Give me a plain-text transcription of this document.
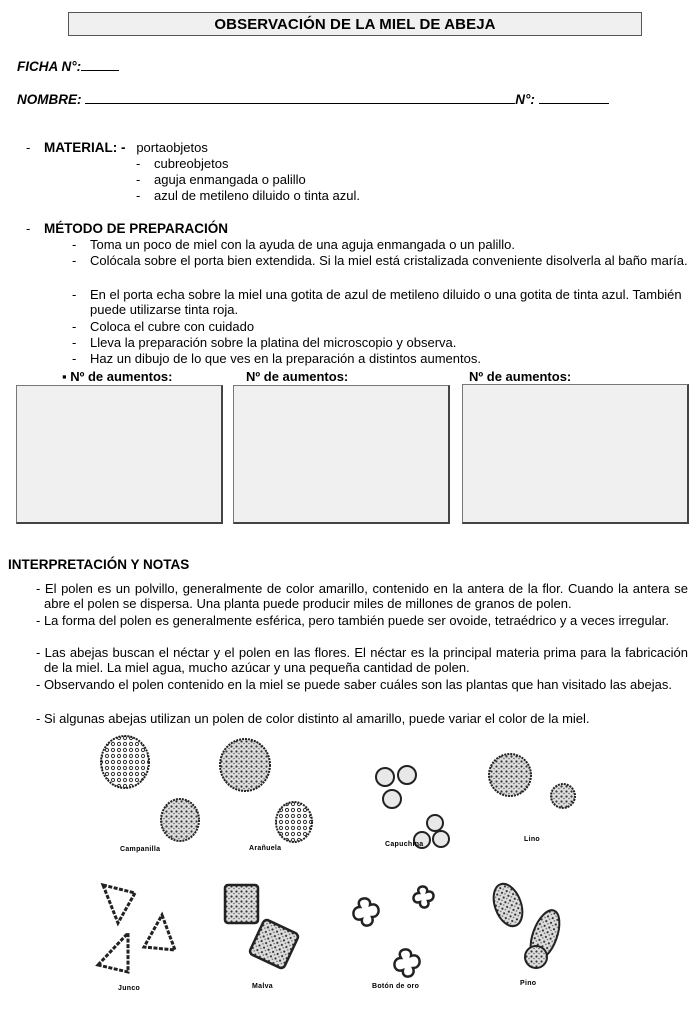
OBSERVACIÓN DE LA MIEL DE ABEJA
FICHA N°:
NOMBRE:	N°:
- MATERIAL: - portaobjetos
-	cubreobjetos
-	aguja enmangada o palillo
-	azul de metileno diluido o tinta azul.
- MÉTODO DE PREPARACIÓN
-	Toma un poco de miel con la ayuda de una aguja enmangada o un palillo.
-	Colócala sobre el porta bien extendida. Si la miel está cristalizada conveniente disolverla al baño maría.
-	En el porta echa sobre la miel una gotita de azul de metileno diluido o una gotita de tinta azul. También puede utilizarse tinta roja.
-	Coloca el cubre con cuidado
-	Lleva la preparación sobre la platina del microscopio y observa.
-	Haz un dibujo de lo que ves en la preparación a distintos aumentos.
▪ Nº de aumentos:	Nº de aumentos:	Nº de aumentos:
INTERPRETACIÓN Y NOTAS
- El polen es un polvillo, generalmente de color amarillo, contenido en la antera de la flor. Cuando la antera se abre el polen se dispersa. Una planta puede producir miles de millones de granos de polen.
- La forma del polen es generalmente esférica, pero también puede ser ovoide, tetraédrico y a veces irregular.
- Las abejas buscan el néctar y el polen en las flores. El néctar es la principal materia prima para la fabricación de la miel. La miel agua, mucho azúcar y una pequeña cantidad de polen.
- Observando el polen contenido en la miel se puede saber cuáles son las plantas que han visitado las abejas.
- Si algunas abejas utilizan un polen de color distinto al amarillo, puede variar el color de la miel.
Campanilla	Arañuela
Capuchina
Lino
Junco	Malva	Botón de oro	Pino
